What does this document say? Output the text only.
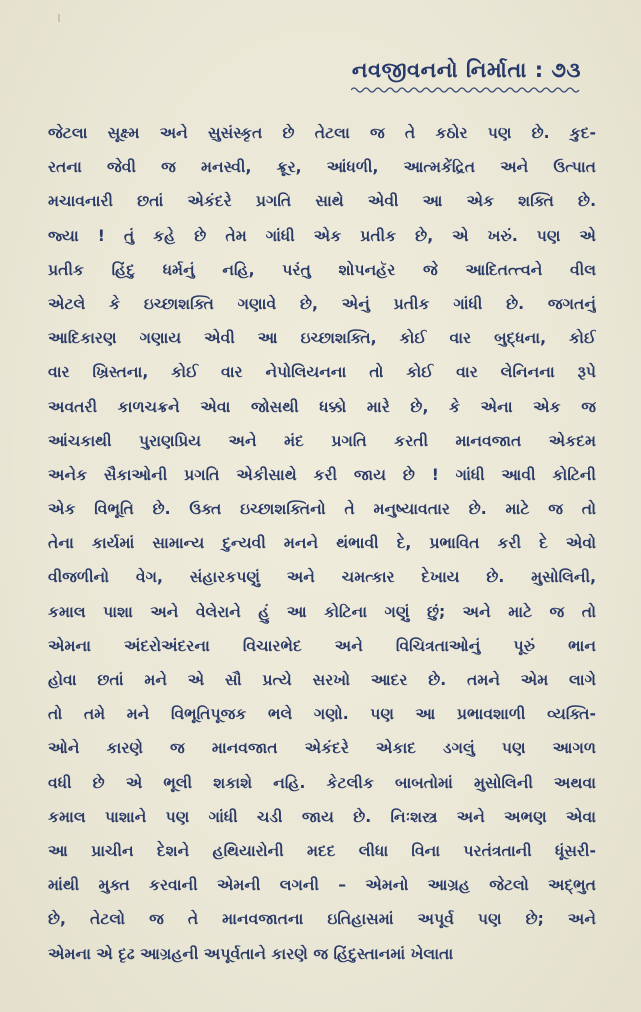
નવજીવનનો નિર્માતા : ૭૩
જેટલા સૂક્ષ્મ અને સુસંસ્કૃત છે તેટલા જ તે કઠોર પણ છે. કુદ-
રતના જેવી જ મનસ્વી, ક્રૂર, આંધળી, આત્મકેંદ્રિત અને ઉત્પાત
મચાવનારી છતાં એકંદરે પ્રગતિ સાથે એવી આ એક શક્તિ છે.
જ્યા ! તું કહે છે તેમ ગાંધી એક પ્રતીક છે, એ ખરું. પણ એ
પ્રતીક હિંદુ ધર્મનું નહિ, પરંતુ શોપનહૅર જે આદિતત્ત્વને વીલ
એટલે કે ઇચ્છાશક્તિ ગણાવે છે, એનું પ્રતીક ગાંધી છે. જગતનું
આદિકારણ ગણાય એવી આ ઇચ્છાશક્તિ, કોઈ વાર બુદ્ધના, કોઈ
વાર ખ્રિસ્તના, કોઈ વાર નેપોલિયનના તો કોઈ વાર લેનિનના રૂપે
અવતરી કાળચક્રને એવા જોસથી ધક્કો મારે છે, કે એના એક જ
આંચકાથી પુરાણપ્રિય અને મંદ પ્રગતિ કરતી માનવજાત એકદમ
અનેક સૈકાઓની પ્રગતિ એકીસાથે કરી જાય છે ! ગાંધી આવી કોટિની
એક વિભૂતિ છે. ઉક્ત ઇચ્છાશક્તિનો તે મનુષ્યાવતાર છે. માટે જ તો
તેના કાર્યમાં સામાન્ય દુન્યવી મનને થંભાવી દે, પ્રભાવિત કરી દે એવો
વીજળીનો વેગ, સંહારકપણું અને ચમત્કાર દેખાય છે. મુસોલિની,
કમાલ પાશા અને વેલેરાને હું આ કોટિના ગણું છું; અને માટે જ તો
એમના અંદરોઅંદરના વિચારભેદ અને વિચિત્રતાઓનું પૂરું ભાન
હોવા છતાં મને એ સૌ પ્રત્યે સરખો આદર છે. તમને એમ લાગે
તો તમે મને વિભૂતિપૂજક ભલે ગણો. પણ આ પ્રભાવશાળી વ્યક્તિ-
ઓને કારણે જ માનવજાત એકંદરે એકાદ ડગલું પણ આગળ
વધી છે એ ભૂલી શકાશે નહિ. કેટલીક બાબતોમાં મુસોલિની અથવા
કમાલ પાશાને પણ ગાંધી ચડી જાય છે. નિઃશસ્ત્ર અને અભણ એવા
આ પ્રાચીન દેશને હથિયારોની મદદ લીધા વિના પરતંત્રતાની ધૂંસરી-
માંથી મુક્ત કરવાની એમની લગની – એમનો આગ્રહ જેટલો અદ્ભુત
છે, તેટલો જ તે માનવજાતના ઇતિહાસમાં અપૂર્વ પણ છે; અને
એમના એ દૃઢ આગ્રહની અપૂર્વતાને કારણે જ હિંદુસ્તાનમાં ખેલાતા
